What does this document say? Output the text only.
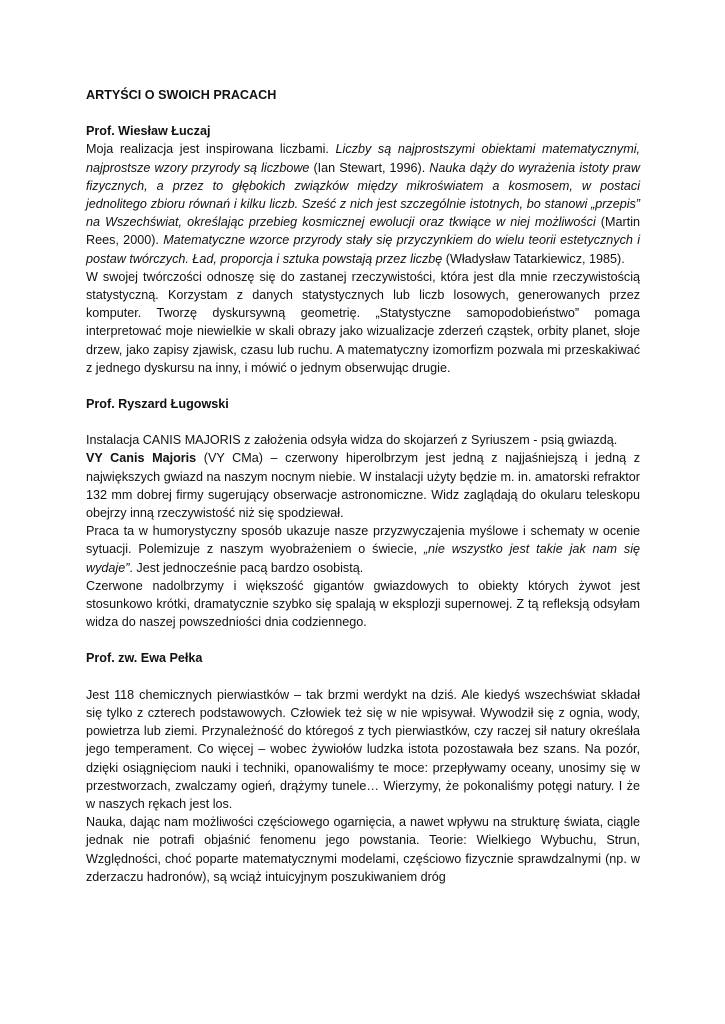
ARTYŚCI O SWOICH PRACACH

Prof. Wiesław Łuczaj

Moja realizacja jest inspirowana liczbami. Liczby są najprostszymi obiektami matematycznymi, najprostsze wzory przyrody są liczbowe (Ian Stewart, 1996). Nauka dąży do wyrażenia istoty praw fizycznych, a przez to głębokich związków między mikroświatem a kosmosem, w postaci jednolitego zbioru równań i kilku liczb. Sześć z nich jest szczególnie istotnych, bo stanowi „przepis” na Wszechświat, określając przebieg kosmicznej ewolucji oraz tkwiące w niej możliwości (Martin Rees, 2000). Matematyczne wzorce przyrody stały się przyczynkiem do wielu teorii estetycznych i postaw twórczych. Ład, proporcja i sztuka powstają przez liczbę (Władysław Tatarkiewicz, 1985).

W swojej twórczości odnoszę się do zastanej rzeczywistości, która jest dla mnie rzeczywistością statystyczną. Korzystam z danych statystycznych lub liczb losowych, generowanych przez komputer. Tworzę dyskursywną geometrię. „Statystyczne samopodobieństwo” pomaga interpretować moje niewielkie w skali obrazy jako wizualizacje zderzeń cząstek, orbity planet, słoje drzew, jako zapisy zjawisk, czasu lub ruchu. A matematyczny izomorfizm pozwala mi przeskakiwać z jednego dyskursu na inny, i mówić o jednym obserwując drugie.

Prof. Ryszard Ługowski

Instalacja CANIS MAJORIS z założenia odsyła widza do skojarzeń z Syriuszem - psią gwiazdą.

VY Canis Majoris (VY CMa) – czerwony hiperolbrzym jest jedną z najjaśniejszą i jedną z największych gwiazd na naszym nocnym niebie. W instalacji użyty będzie m. in. amatorski refraktor 132 mm dobrej firmy sugerujący obserwacje astronomiczne. Widz zaglądają do okularu teleskopu obejrzy inną rzeczywistość niż się spodziewał.

Praca ta w humorystyczny sposób ukazuje nasze przyzwyczajenia myślowe i schematy w ocenie sytuacji. Polemizuje z naszym wyobrażeniem o świecie, „nie wszystko jest takie jak nam się wydaje”. Jest jednocześnie pacą bardzo osobistą.

Czerwone nadolbrzymy i większość gigantów gwiazdowych to obiekty których żywot jest stosunkowo krótki, dramatycznie szybko się spalają w eksplozji supernowej. Z tą refleksją odsyłam widza do naszej powszedniości dnia codziennego.

Prof. zw. Ewa Pełka

Jest 118 chemicznych pierwiastków – tak brzmi werdykt na dziś. Ale kiedyś wszechświat składał się tylko z czterech podstawowych. Człowiek też się w nie wpisywał. Wywodził się z ognia, wody, powietrza lub ziemi. Przynależność do któregoś z tych pierwiastków, czy raczej sił natury określała jego temperament. Co więcej – wobec żywiołów ludzka istota pozostawała bez szans. Na pozór, dzięki osiągnięciom nauki i techniki, opanowaliśmy te moce: przepływamy oceany, unosimy się w przestworzach, zwalczamy ogień, drążymy tunele… Wierzymy, że pokonaliśmy potęgi natury. I że w naszych rękach jest los.

Nauka, dając nam możliwości częściowego ogarnięcia, a nawet wpływu na strukturę świata, ciągle jednak nie potrafi objaśnić fenomenu jego powstania. Teorie: Wielkiego Wybuchu, Strun, Względności, choć poparte matematycznymi modelami, częściowo fizycznie sprawdzalnymi (np. w zderzaczu hadronów), są wciąż intuicyjnym poszukiwaniem dróg
